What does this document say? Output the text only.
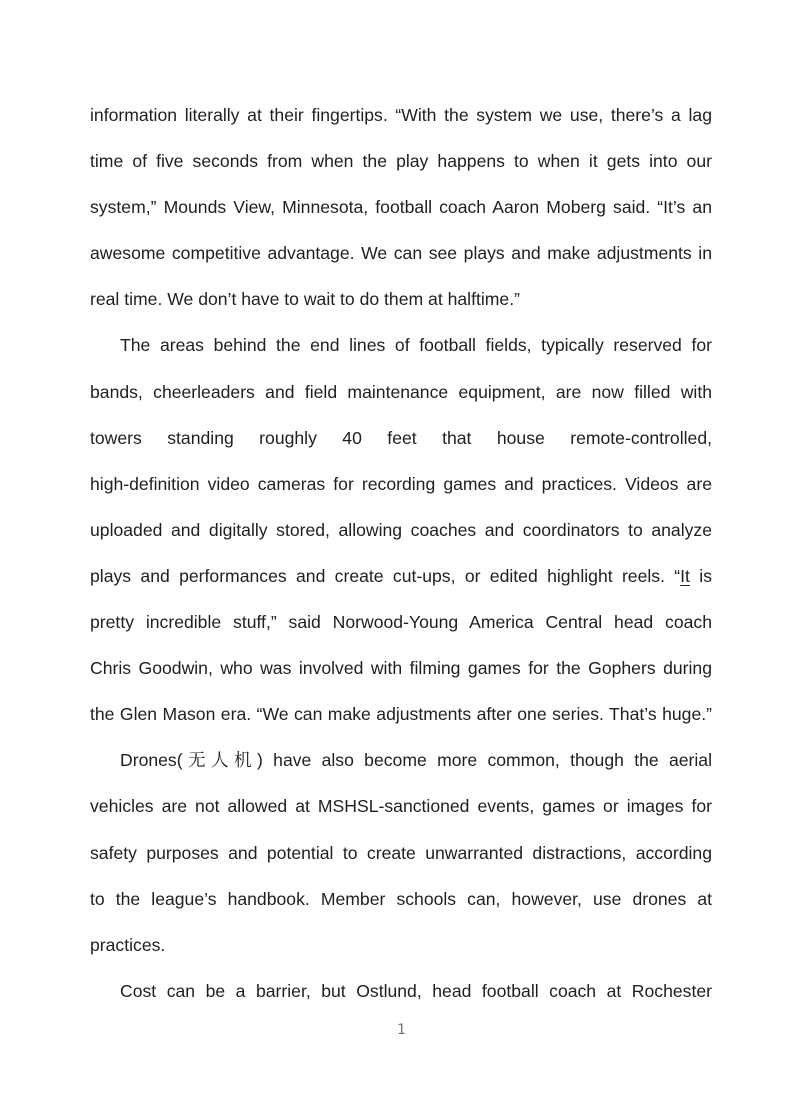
information literally at their fingertips. “With the system we use, there’s a lag
time of five seconds from when the play happens to when it gets into our
system,” Mounds View, Minnesota, football coach Aaron Moberg said. “It’s an
awesome competitive advantage. We can see plays and make adjustments in
real time. We don’t have to wait to do them at halftime.”
The areas behind the end lines of football fields, typically reserved for
bands, cheerleaders and field maintenance equipment, are now filled with
towers standing roughly 40 feet that house remote-controlled,
high-definition video cameras for recording games and practices. Videos are
uploaded and digitally stored, allowing coaches and coordinators to analyze
plays and performances and create cut-ups, or edited highlight reels. “It is
pretty incredible stuff,” said Norwood-Young America Central head coach
Chris Goodwin, who was involved with filming games for the Gophers during
the Glen Mason era. “We can make adjustments after one series. That’s huge.”
Drones(无人机) have also become more common, though the aerial
vehicles are not allowed at MSHSL-sanctioned events, games or images for
safety purposes and potential to create unwarranted distractions, according
to the league’s handbook. Member schools can, however, use drones at
practices.
Cost can be a barrier, but Ostlund, head football coach at Rochester
1
